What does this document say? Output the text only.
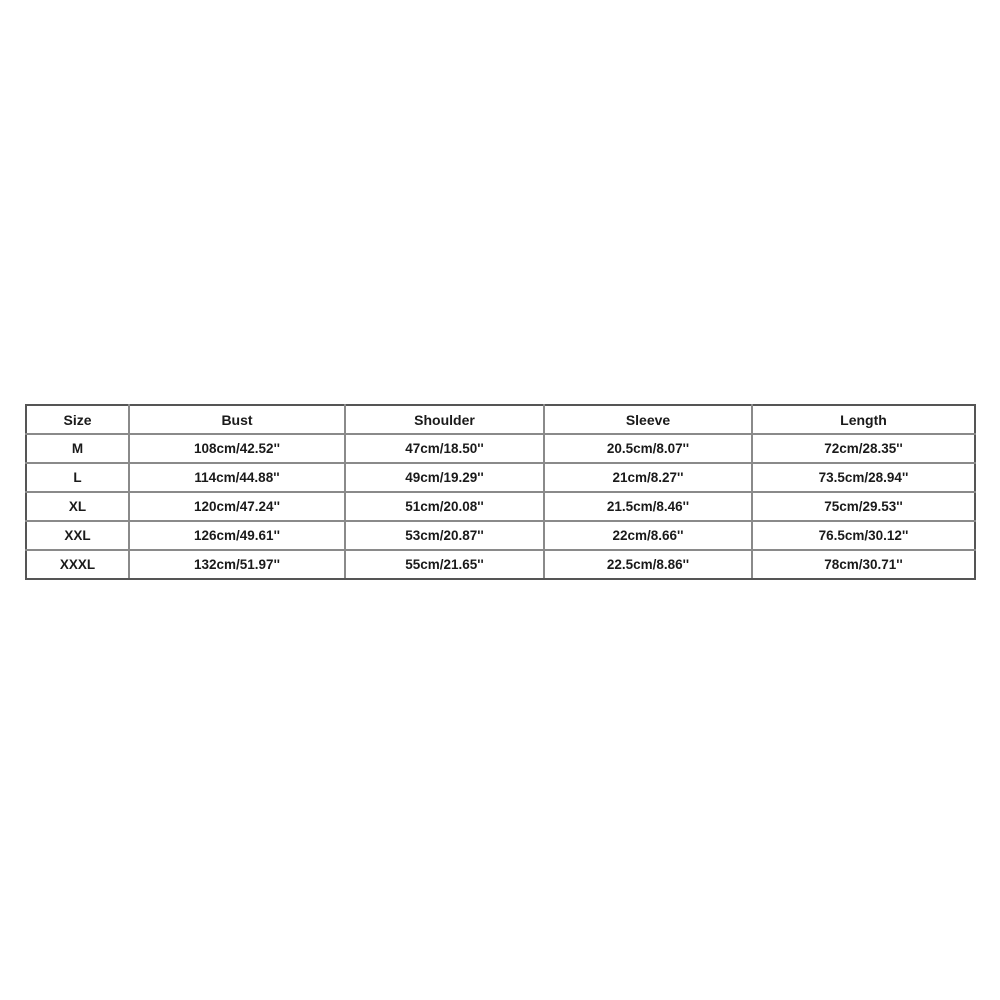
Size	Bust	Shoulder	Sleeve	Length
M	108cm/42.52''	47cm/18.50''	20.5cm/8.07''	72cm/28.35''
L	114cm/44.88''	49cm/19.29''	21cm/8.27''	73.5cm/28.94''
XL	120cm/47.24''	51cm/20.08''	21.5cm/8.46''	75cm/29.53''
XXL	126cm/49.61''	53cm/20.87''	22cm/8.66''	76.5cm/30.12''
XXXL	132cm/51.97''	55cm/21.65''	22.5cm/8.86''	78cm/30.71''
